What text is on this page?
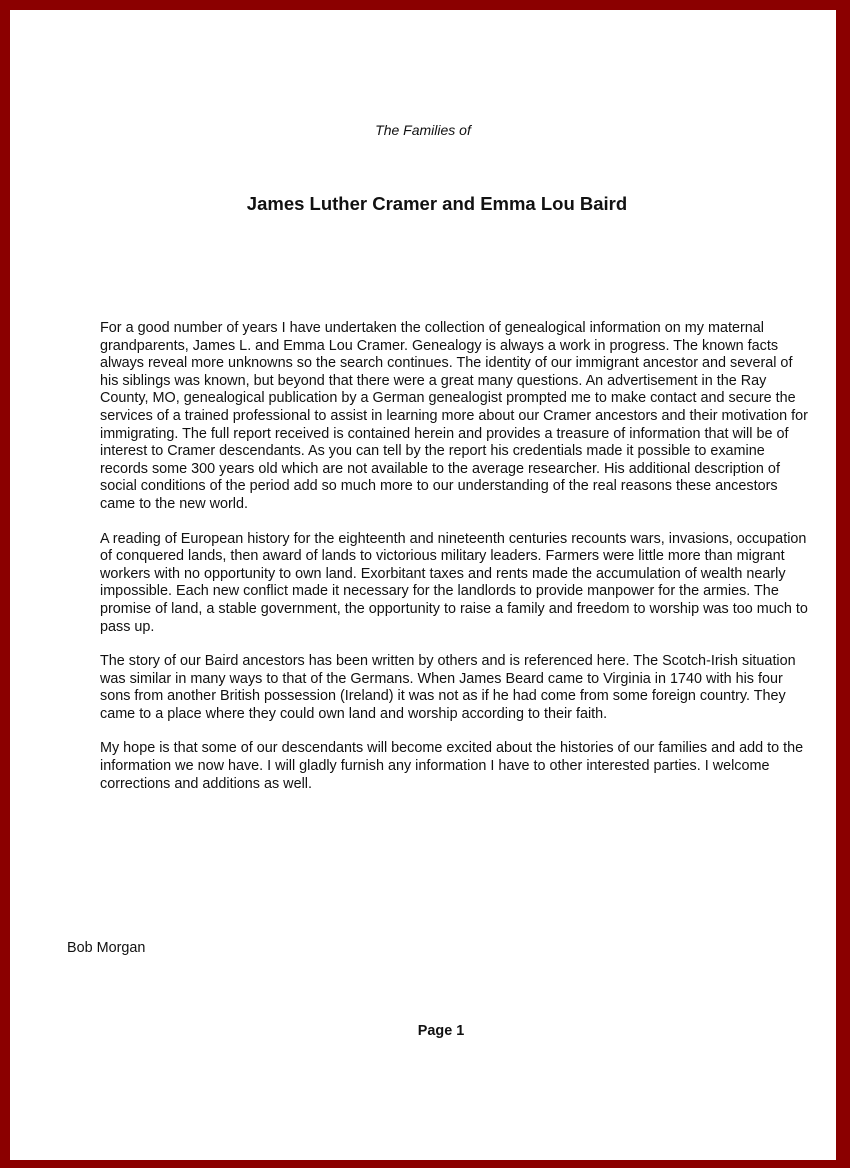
The Families of

James Luther Cramer and Emma Lou Baird

For a good number of years I have undertaken the collection of genealogical information on my maternal grandparents, James L. and Emma Lou Cramer. Genealogy is always a work in progress. The known facts always reveal more unknowns so the search continues. The identity of our immigrant ancestor and several of his siblings was known, but beyond that there were a great many questions. An advertisement in the Ray County, MO, genealogical publication by a German genealogist prompted me to make contact and secure the services of a trained professional to assist in learning more about our Cramer ancestors and their motivation for immigrating. The full report received is contained herein and provides a treasure of information that will be of interest to Cramer descendants. As you can tell by the report his credentials made it possible to examine records some 300 years old which are not available to the average researcher. His additional description of social conditions of the period add so much more to our understanding of the real reasons these ancestors came to the new world.

A reading of European history for the eighteenth and nineteenth centuries recounts wars, invasions, occupation of conquered lands, then award of lands to victorious military leaders. Farmers were little more than migrant workers with no opportunity to own land. Exorbitant taxes and rents made the accumulation of wealth nearly impossible. Each new conflict made it necessary for the landlords to provide manpower for the armies. The promise of land, a stable government, the opportunity to raise a family and freedom to worship was too much to pass up.

The story of our Baird ancestors has been written by others and is referenced here. The Scotch-Irish situation was similar in many ways to that of the Germans. When James Beard came to Virginia in 1740 with his four sons from another British possession (Ireland) it was not as if he had come from some foreign country. They came to a place where they could own land and worship according to their faith.

My hope is that some of our descendants will become excited about the histories of our families and add to the information we now have. I will gladly furnish any information I have to other interested parties. I welcome corrections and additions as well.

Bob Morgan

Page 1
